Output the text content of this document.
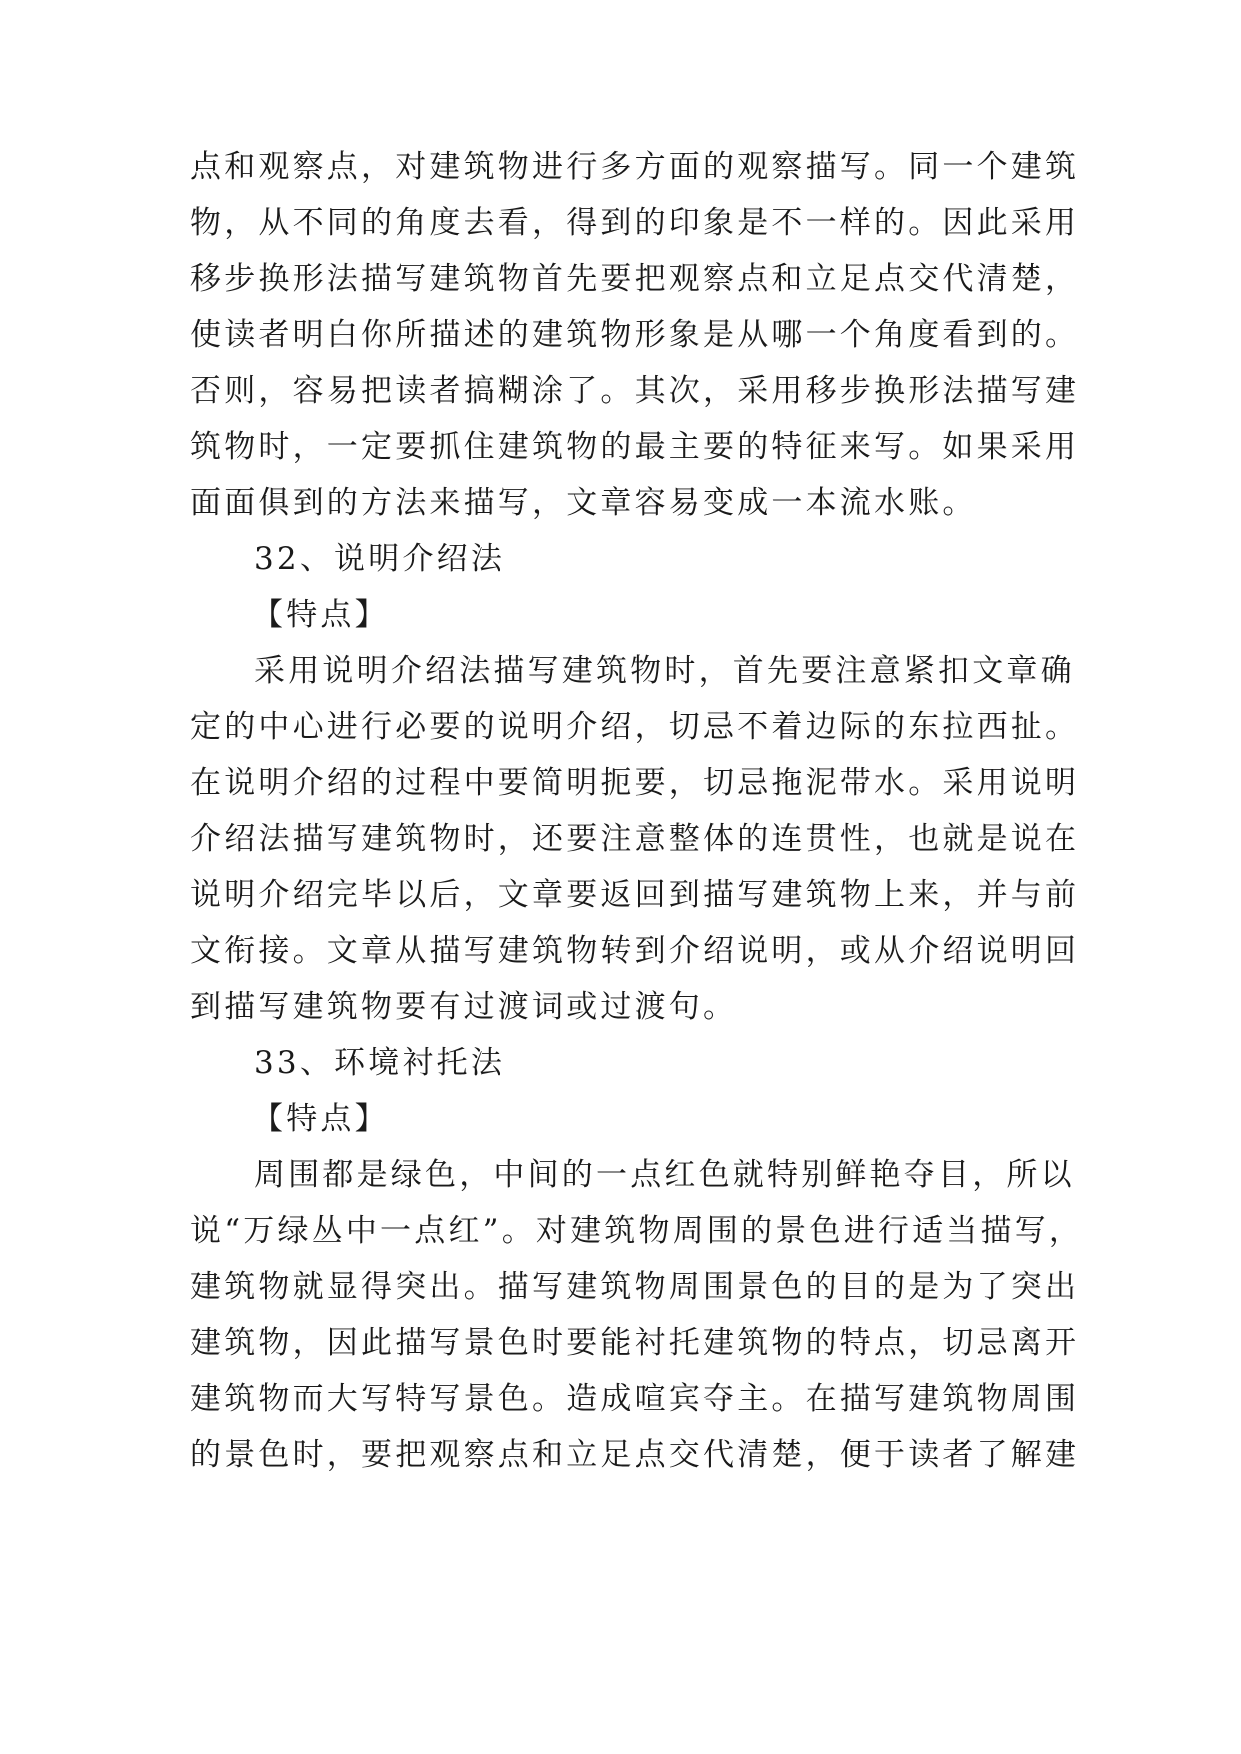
点和观察点，对建筑物进行多方面的观察描写。同一个建筑
物，从不同的角度去看，得到的印象是不一样的。因此采用
移步换形法描写建筑物首先要把观察点和立足点交代清楚，
使读者明白你所描述的建筑物形象是从哪一个角度看到的。
否则，容易把读者搞糊涂了。其次，采用移步换形法描写建
筑物时，一定要抓住建筑物的最主要的特征来写。如果采用
面面俱到的方法来描写，文章容易变成一本流水账。
32、说明介绍法
【特点】
采用说明介绍法描写建筑物时，首先要注意紧扣文章确
定的中心进行必要的说明介绍，切忌不着边际的东拉西扯。
在说明介绍的过程中要简明扼要，切忌拖泥带水。采用说明
介绍法描写建筑物时，还要注意整体的连贯性，也就是说在
说明介绍完毕以后，文章要返回到描写建筑物上来，并与前
文衔接。文章从描写建筑物转到介绍说明，或从介绍说明回
到描写建筑物要有过渡词或过渡句。
33、环境衬托法
【特点】
周围都是绿色，中间的一点红色就特别鲜艳夺目，所以
说“万绿丛中一点红”。对建筑物周围的景色进行适当描写，
建筑物就显得突出。描写建筑物周围景色的目的是为了突出
建筑物，因此描写景色时要能衬托建筑物的特点，切忌离开
建筑物而大写特写景色。造成喧宾夺主。在描写建筑物周围
的景色时，要把观察点和立足点交代清楚，便于读者了解建
